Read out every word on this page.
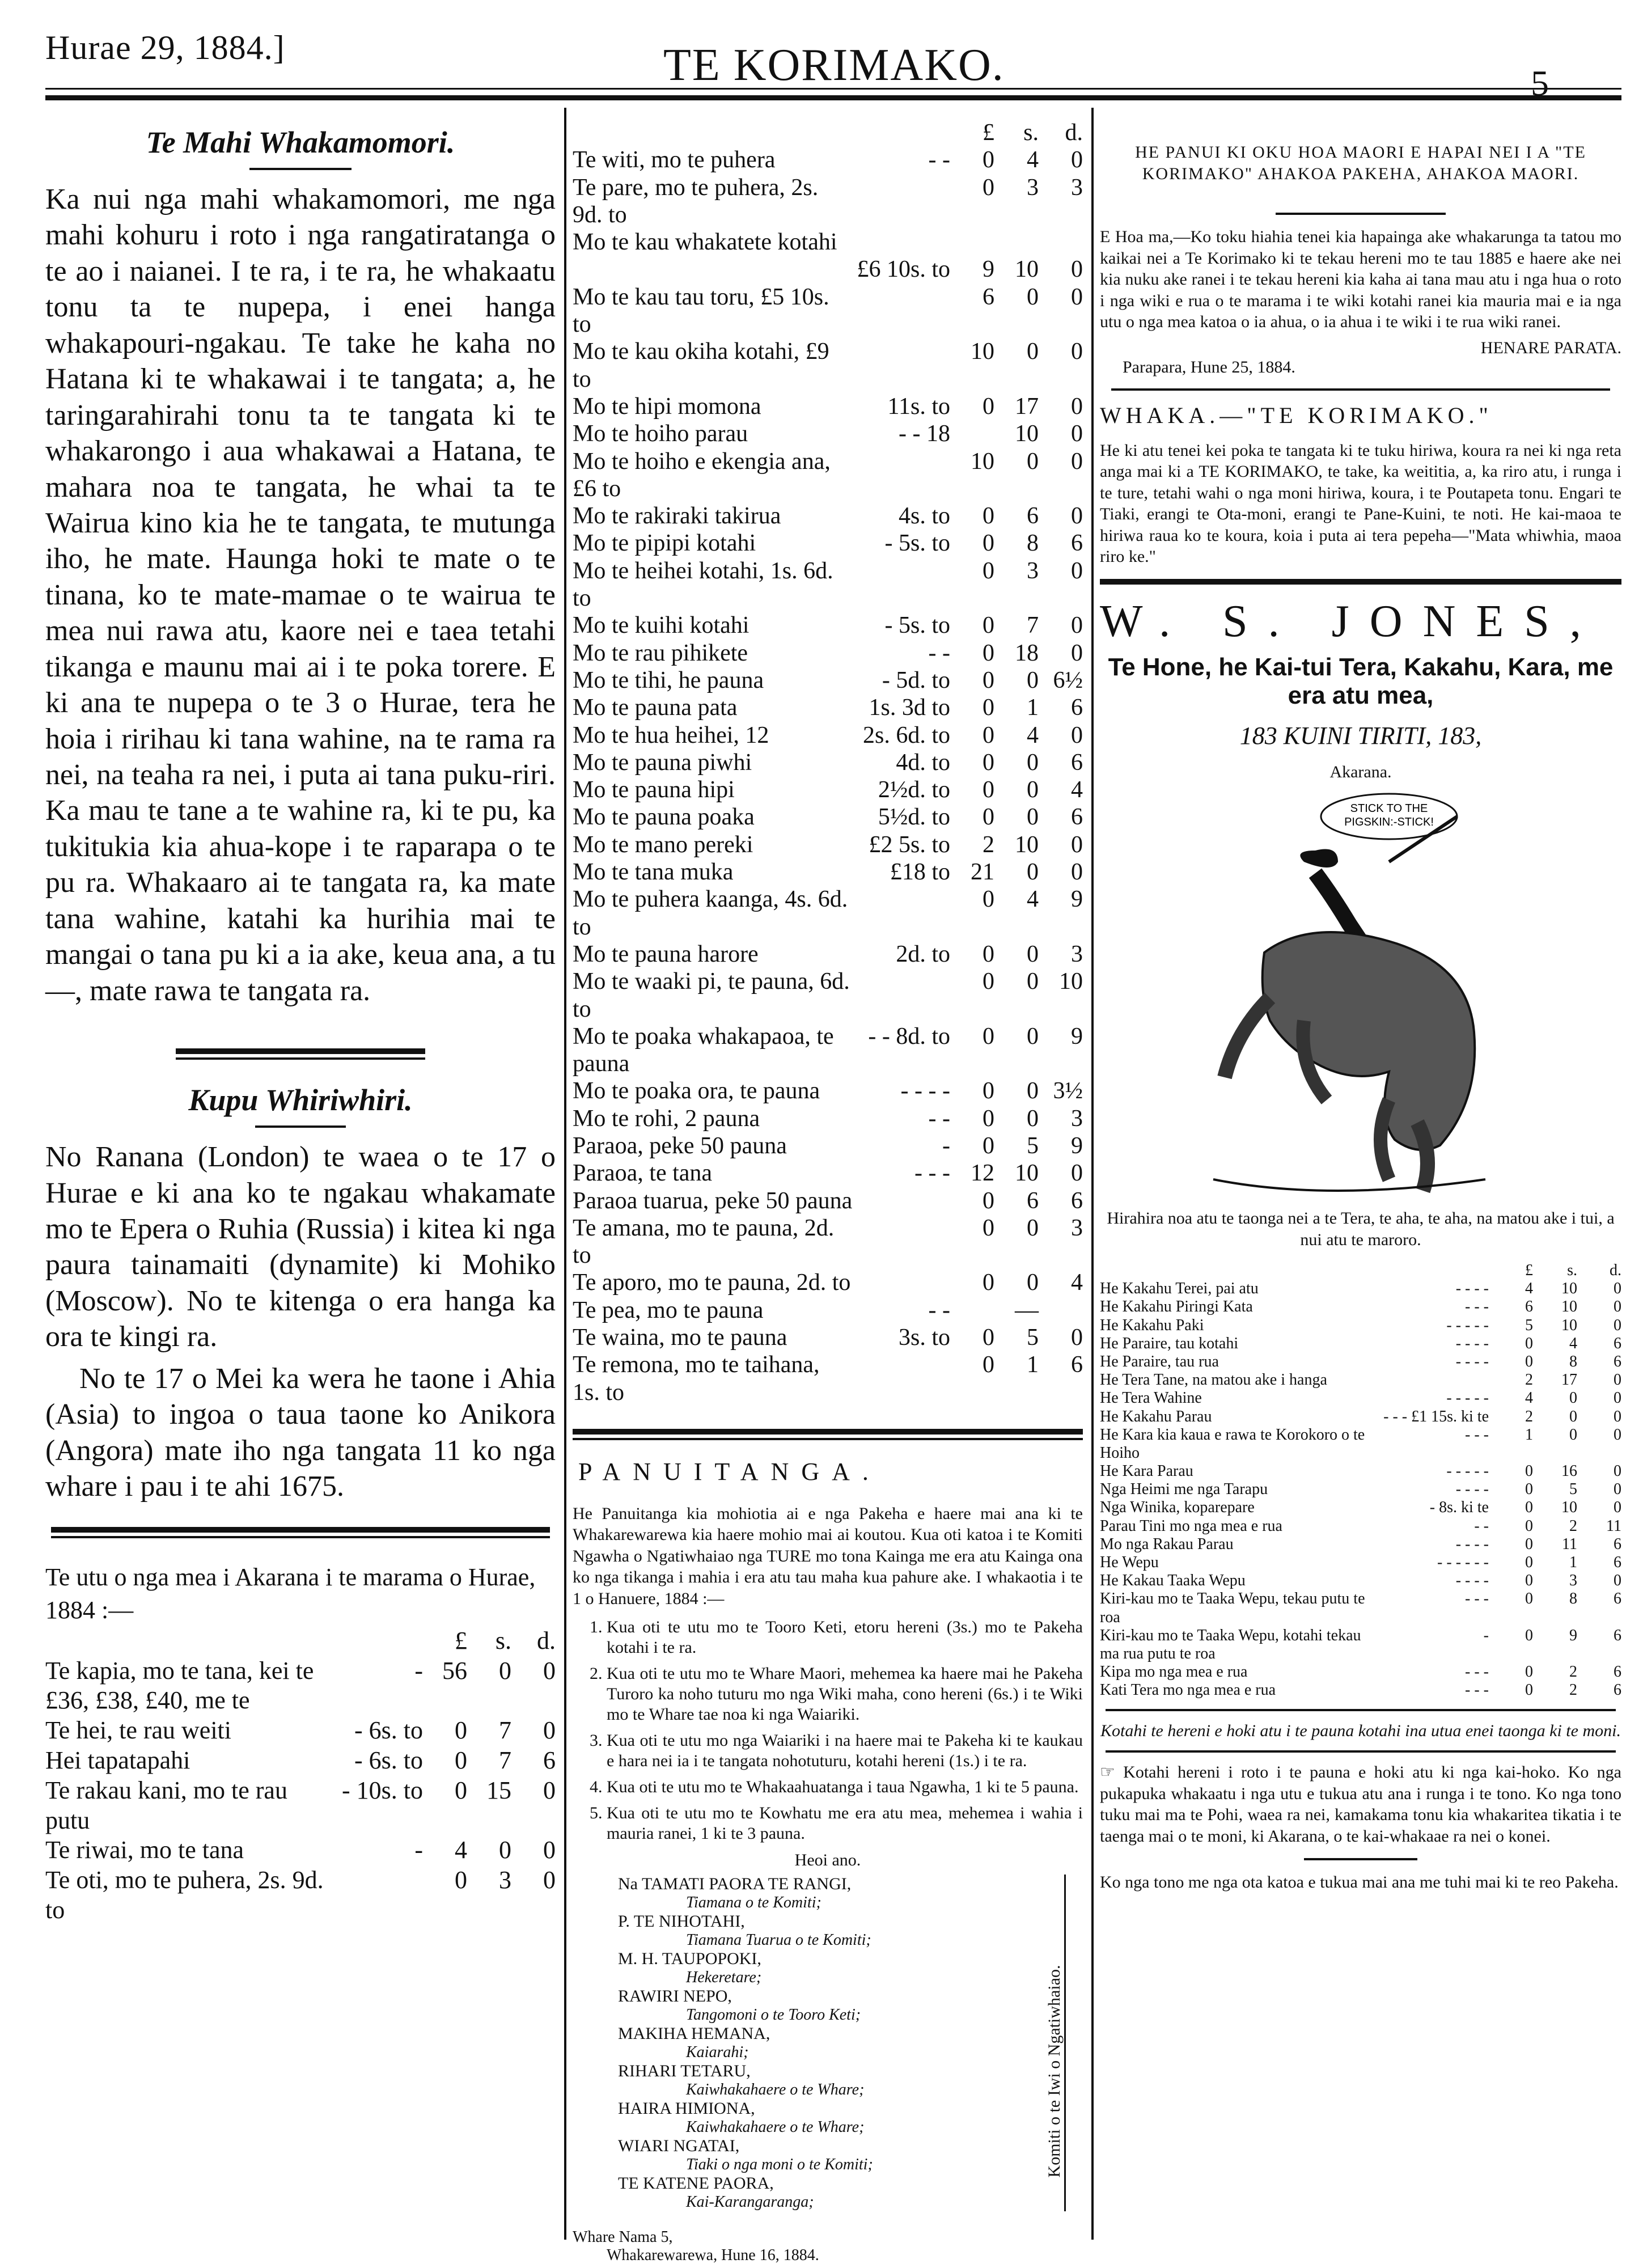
Hurae 29, 1884.]	TE KORIMAKO.	5
Te Mahi Whakamomori.

Ka nui nga mahi whakamomori, me nga mahi kohuru i roto i nga rangatiratanga o te ao i naianei. I te ra, i te ra, he whakaatu tonu ta te nupepa, i enei hanga whakapouri-ngakau. Te take he kaha no Hatana ki te whakawai i te tangata; a, he taringarahirahi tonu ta te tangata ki te whakarongo i aua whakawai a Hatana, te mahara noa te tangata, he whai ta te Wairua kino kia he te tangata, te mutunga iho, he mate. Haunga hoki te mate o te tinana, ko te mate-mamae o te wairua te mea nui rawa atu, kaore nei e taea tetahi tikanga e maunu mai ai i te poka torere. E ki ana te nupepa o te 3 o Hurae, tera he hoia i ririhau ki tana wahine, na te rama ra nei, na teaha ra nei, i puta ai tana puku-riri. Ka mau te tane a te wahine ra, ki te pu, ka tukitukia kia ahua-kope i te raparapa o te pu ra. Whakaaro ai te tangata ra, ka mate tana wahine, katahi ka hurihia mai te mangai o tana pu ki a ia ake, keua ana, a tu—, mate rawa te tangata ra.

Kupu Whiriwhiri.

No Ranana (London) te waea o te 17 o Hurae e ki ana ko te ngakau whakamate mo te Epera o Ruhia (Russia) i kitea ki nga paura tainamaiti (dynamite) ki Mohiko (Moscow). No te kitenga o era hanga ka ora te kingi ra.

No te 17 o Mei ka wera he taone i Ahia (Asia) to ingoa o taua taone ko Anikora (Angora) mate iho nga tangata 11 ko nga whare i pau i te ahi 1675.

Te utu o nga mea i Akarana i te marama o Hurae, 1884 :—
		£	s.	d.
Te kapia, mo te tana, kei te £36, £38, £40, me te	-	56	0	0
Te hei, te rau weiti	- 6s. to	0	7	0
Hei tapatapahi	- 6s. to	0	7	6
Te rakau kani, mo te rau putu	- 10s. to	0	15	0
Te riwai, mo te tana	-	4	0	0
Te oti, mo te puhera, 2s. 9d. to		0	3	0
		£	s.	d.
Te witi, mo te puhera	- -	0	4	0
Te pare, mo te puhera, 2s. 9d. to		0	3	3
Mo te kau whakatete kotahi				
	£6 10s. to	9	10	0
Mo te kau tau toru, £5 10s. to		6	0	0
Mo te kau okiha kotahi, £9 to		10	0	0
Mo te hipi momona	11s. to	0	17	0
Mo te hoiho parau	- - 18		10	0
Mo te hoiho e ekengia ana, £6 to		10	0	0
Mo te rakiraki takirua	4s. to	0	6	0
Mo te pipipi kotahi	- 5s. to	0	8	6
Mo te heihei kotahi, 1s. 6d. to		0	3	0
Mo te kuihi kotahi	- 5s. to	0	7	0
Mo te rau pihikete	- -	0	18	0
Mo te tihi, he pauna	- 5d. to	0	0	6½
Mo te pauna pata	1s. 3d to	0	1	6
Mo te hua heihei, 12	2s. 6d. to	0	4	0
Mo te pauna piwhi	4d. to	0	0	6
Mo te pauna hipi	2½d. to	0	0	4
Mo te pauna poaka	5½d. to	0	0	6
Mo te mano pereki	£2 5s. to	2	10	0
Mo te tana muka	£18 to	21	0	0
Mo te puhera kaanga, 4s. 6d. to		0	4	9
Mo te pauna harore	2d. to	0	0	3
Mo te waaki pi, te pauna, 6d. to		0	0	10
Mo te poaka whakapaoa, te pauna	- - 8d. to	0	0	9
Mo te poaka ora, te pauna	- - - -	0	0	3½
Mo te rohi, 2 pauna	- -	0	0	3
Paraoa, peke 50 pauna	-	0	5	9
Paraoa, te tana	- - -	12	10	0
Paraoa tuarua, peke 50 pauna		0	6	6
Te amana, mo te pauna, 2d. to		0	0	3
Te aporo, mo te pauna, 2d. to		0	0	4
Te pea, mo te pauna	- -		—	
Te waina, mo te pauna	3s. to	0	5	0
Te remona, mo te taihana, 1s. to		0	1	6
PANUITANGA.
He Panuitanga kia mohiotia ai e nga Pakeha e haere mai ana ki te Whakarewarewa kia haere mohio mai ai koutou. Kua oti katoa i te Komiti Ngawha o Ngatiwhaiao nga TURE mo tona Kainga me era atu Kainga ona ko nga tikanga i mahia i era atu tau maha kua pahure ake. I whakaotia i te 1 o Hanuere, 1884 :—
1. Kua oti te utu mo te Tooro Keti, etoru hereni (3s.) mo te Pakeha kotahi i te ra.
2. Kua oti te utu mo te Whare Maori, mehemea ka haere mai he Pakeha Turoro ka noho tuturu mo nga Wiki maha, cono hereni (6s.) i te Wiki mo te Whare tae noa ki nga Waiariki.
3. Kua oti te utu mo nga Waiariki i na haere mai te Pakeha ki te kaukau e hara nei ia i te tangata nohotuturu, kotahi hereni (1s.) i te ra.
4. Kua oti te utu mo te Whakaahuatanga i taua Ngawha, 1 ki te 5 pauna.
5. Kua oti te utu mo te Kowhatu me era atu mea, mehemea i wahia i mauria ranei, 1 ki te 3 pauna.
Heoi ano.
Na TAMATI PAORA TE RANGI,
Tiamana o te Komiti;
P. TE NIHOTAHI,
Tiamana Tuarua o te Komiti;
M. H. TAUPOPOKI,
Hekeretare;
RAWIRI NEPO,
Tangomoni o te Tooro Keti;
MAKIHA HEMANA,
Kaiarahi;
RIHARI TETARU,
Kaiwhakahaere o te Whare;
HAIRA HIMIONA,
Kaiwhakahaere o te Whare;
WIARI NGATAI,
Tiaki o nga moni o te Komiti;
TE KATENE PAORA,
Kai-Karangaranga;
Komiti o te Iwi o Ngatiwhaiao.
Whare Nama 5,
Whakarewarewa, Hune 16, 1884.
HE PANUI KI OKU HOA MAORI E HAPAI NEI I A "TE KORIMAKO" AHAKOA PAKEHA, AHAKOA MAORI.
E Hoa ma,—Ko toku hiahia tenei kia hapainga ake whakarunga ta tatou mo kaikai nei a Te Korimako ki te tekau hereni mo te tau 1885 e haere ake nei kia nuku ake ranei i te tekau hereni kia kaha ai tana mau atu i nga hua o roto i nga wiki e rua o te marama i te wiki kotahi ranei kia mauria mai e ia nga utu o nga mea katoa o ia ahua, o ia ahua i te wiki i te rua wiki ranei.
HENARE PARATA.
Parapara, Hune 25, 1884.
WHAKA.—"TE KORIMAKO."
He ki atu tenei kei poka te tangata ki te tuku hiriwa, koura ra nei ki nga reta anga mai ki a TE KORIMAKO, te take, ka weititia, a, ka riro atu, i runga i te ture, tetahi wahi o nga moni hiriwa, koura, i te Poutapeta tonu. Engari te Tiaki, erangi te Ota-moni, erangi te Pane-Kuini, te noti. He kai-maoa te hiriwa raua ko te koura, koia i puta ai tera pepeha—"Mata whiwhia, maoa riro ke."
W. S. JONES,
Te Hone, he Kai-tui Tera, Kakahu, Kara, me era atu mea,
183 KUINI TIRITI, 183,
Akarana.
STICK TO THE
PIGSKIN:-STICK!
Hirahira noa atu te taonga nei a te Tera, te aha, te aha, na matou ake i tui, a nui atu te maroro.
		£	s.	d.
He Kakahu Terei, pai atu	- - - -	4	10	0
He Kakahu Piringi Kata	- - -	6	10	0
He Kakahu Paki	- - - - -	5	10	0
He Paraire, tau kotahi	- - - -	0	4	6
He Paraire, tau rua	- - - -	0	8	6
He Tera Tane, na matou ake i hanga		2	17	0
He Tera Wahine	- - - - -	4	0	0
He Kakahu Parau	- - - £1 15s. ki te	2	0	0
He Kara kia kaua e rawa te Korokoro o te Hoiho	- - -	1	0	0
He Kara Parau	- - - - -	0	16	0
Nga Heimi me nga Tarapu	- - - -	0	5	0
Nga Winika, koparepare	- 8s. ki te	0	10	0
Parau Tini mo nga mea e rua	- -	0	2	11
Mo nga Rakau Parau	- - - -	0	11	6
He Wepu	- - - - - -	0	1	6
He Kakau Taaka Wepu	- - - -	0	3	0
Kiri-kau mo te Taaka Wepu, tekau putu te roa	- - -	0	8	6
Kiri-kau mo te Taaka Wepu, kotahi tekau ma rua putu te roa	-	0	9	6
Kipa mo nga mea e rua	- - -	0	2	6
Kati Tera mo nga mea e rua	- - -	0	2	6
Kotahi te hereni e hoki atu i te pauna kotahi ina utua enei taonga ki te moni.
☞ Kotahi hereni i roto i te pauna e hoki atu ki nga kai-hoko. Ko nga pukapuka whakaatu i nga utu e tukua atu ana i runga i te tono. Ko nga tono tuku mai ma te Pohi, waea ra nei, kamakama tonu kia whakaritea tikatia i te taenga mai o te moni, ki Akarana, o te kai-whakaae ra nei o konei.
Ko nga tono me nga ota katoa e tukua mai ana me tuhi mai ki te reo Pakeha.
